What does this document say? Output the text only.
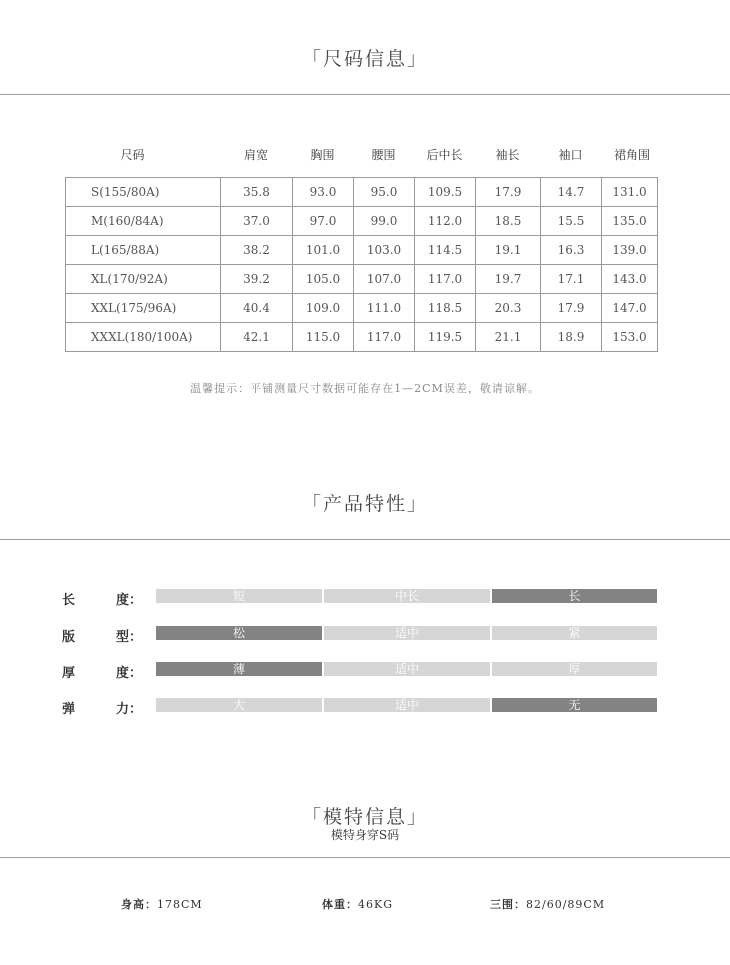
「尺码信息」
尺码	肩宽	胸围	腰围	后中长	袖长	袖口	裙角围
S(155/80A)	35.8	93.0	95.0	109.5	17.9	14.7	131.0
M(160/84A)	37.0	97.0	99.0	112.0	18.5	15.5	135.0
L(165/88A)	38.2	101.0	103.0	114.5	19.1	16.3	139.0
XL(170/92A)	39.2	105.0	107.0	117.0	19.7	17.1	143.0
XXL(175/96A)	40.4	109.0	111.0	118.5	20.3	17.9	147.0
XXXL(180/100A)	42.1	115.0	117.0	119.5	21.1	18.9	153.0
温馨提示：平铺测量尺寸数据可能存在1—2CM误差，敬请谅解。
「产品特性」
长	度：	短	中长	长
版	型：	松	适中	紧
厚	度：	薄	适中	厚
弹	力：	大	适中	无
「模特信息」
模特身穿S码
身高：178CM	体重：46KG	三围：82/60/89CM
